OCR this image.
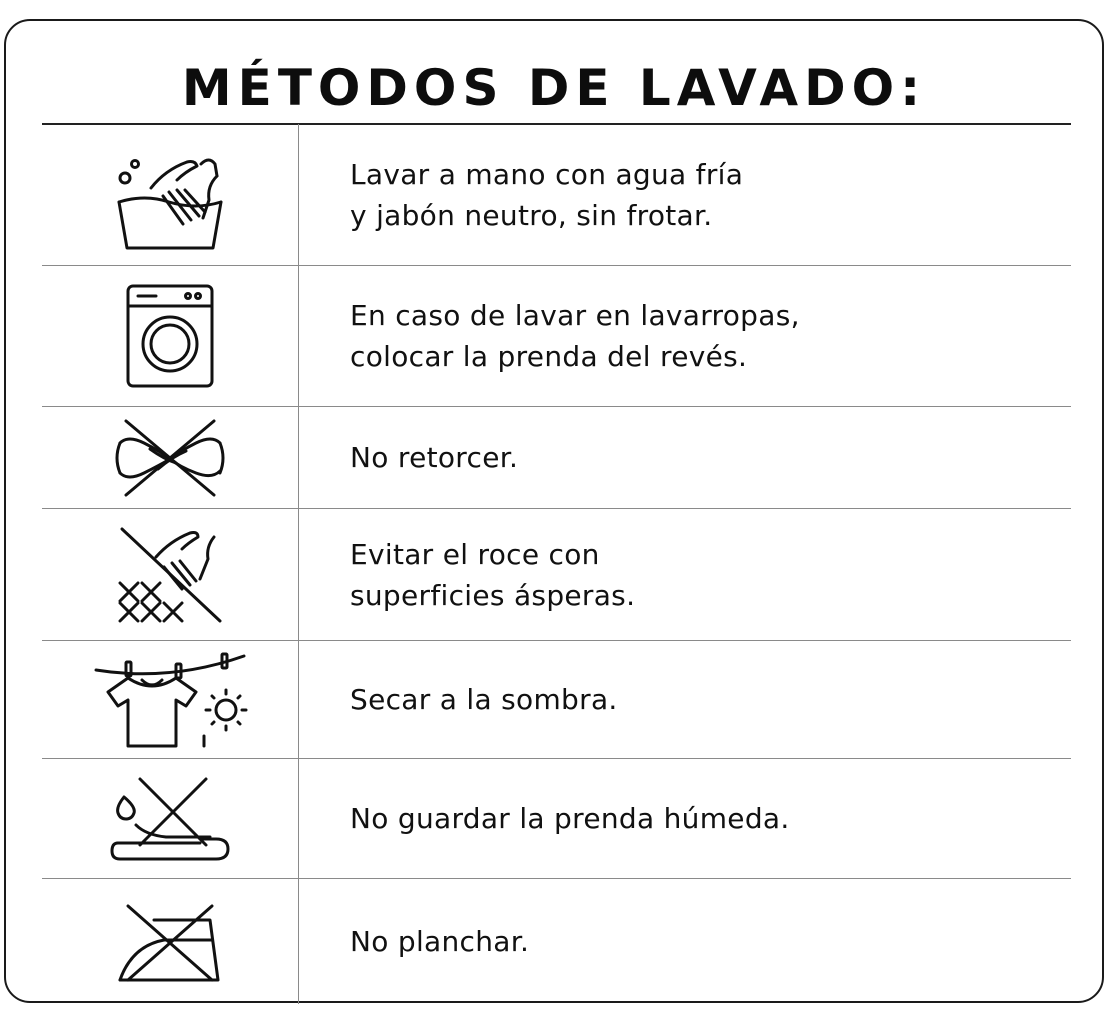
MÉTODOS DE LAVADO:
Lavar a mano con agua fría
y jabón neutro, sin frotar.
En caso de lavar en lavarropas,
colocar la prenda del revés.
No retorcer.
Evitar el roce con
superficies ásperas.
Secar a la sombra.
No guardar la prenda húmeda.
No planchar.
